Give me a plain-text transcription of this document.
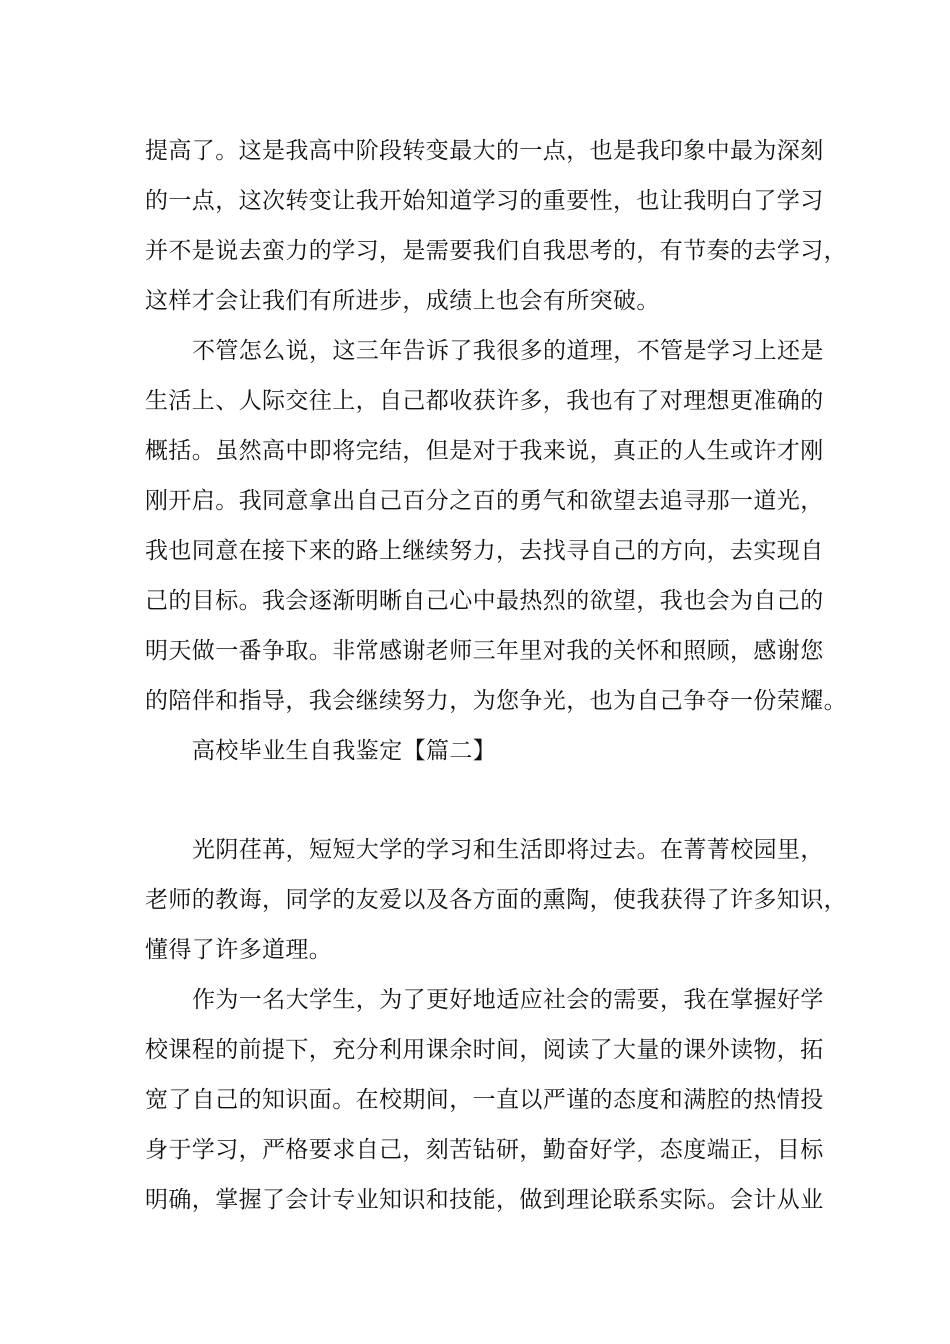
提高了。这是我高中阶段转变最大的一点，也是我印象中最为深刻
的一点，这次转变让我开始知道学习的重要性，也让我明白了学习
并不是说去蛮力的学习，是需要我们自我思考的，有节奏的去学习，
这样才会让我们有所进步，成绩上也会有所突破。
不管怎么说，这三年告诉了我很多的道理，不管是学习上还是
生活上、人际交往上，自己都收获许多，我也有了对理想更准确的
概括。虽然高中即将完结，但是对于我来说，真正的人生或许才刚
刚开启。我同意拿出自己百分之百的勇气和欲望去追寻那一道光，
我也同意在接下来的路上继续努力，去找寻自己的方向，去实现自
己的目标。我会逐渐明晰自己心中最热烈的欲望，我也会为自己的
明天做一番争取。非常感谢老师三年里对我的关怀和照顾，感谢您
的陪伴和指导，我会继续努力，为您争光，也为自己争夺一份荣耀。
高校毕业生自我鉴定【篇二】
光阴荏苒，短短大学的学习和生活即将过去。在菁菁校园里，
老师的教诲，同学的友爱以及各方面的熏陶，使我获得了许多知识，
懂得了许多道理。
作为一名大学生，为了更好地适应社会的需要，我在掌握好学
校课程的前提下，充分利用课余时间，阅读了大量的课外读物，拓
宽了自己的知识面。在校期间，一直以严谨的态度和满腔的热情投
身于学习，严格要求自己，刻苦钻研，勤奋好学，态度端正，目标
明确，掌握了会计专业知识和技能，做到理论联系实际。会计从业
